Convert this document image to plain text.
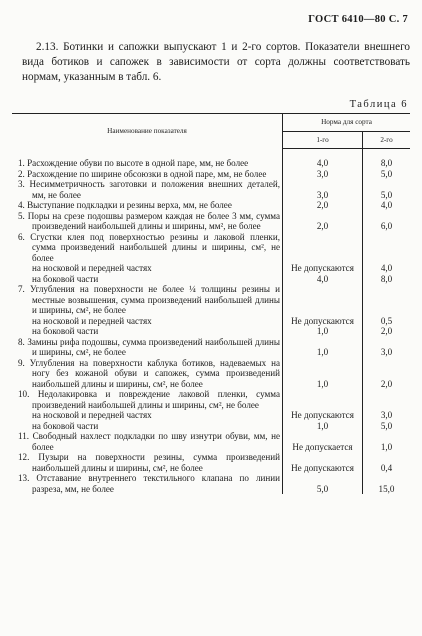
ГОСТ 6410—80 С. 7
2.13. Ботинки и сапожки выпускают 1 и 2-го сортов. Показатели внешнего вида ботиков и сапожек в зависимости от сорта должны соответствовать нормам, указанным в табл. 6.
Таблица 6
Наименование показателя	Норма для сорта	
	1-го	2-го

1. Расхождение обуви по высоте в одной паре, мм, не более	4,0	8,0
2. Расхождение по ширине обсоюзки в одной паре, мм, не более	3,0	5,0
3. Несимметричность заготовки и положения внешних деталей, мм, не более	3,0	5,0
4. Выступание подкладки и резины верха, мм, не более	2,0	4,0
5. Поры на срезе подошвы размером каждая не более 3 мм, сумма произведений наибольшей длины и ширины, мм², не более	2,0	6,0
6. Сгустки клея под поверхностью резины и лаковой пленки, сумма произведений наибольшей длины и ширины, см², не более		
на носковой и передней частях	Не допускаются	4,0
на боковой части	4,0	8,0
7. Углубления на поверхности не более ¼ толщины резины и местные возвышения, сумма произведений наибольшей длины и ширины, см², не более		
на носковой и передней частях	Не допускаются	0,5
на боковой части	1,0	2,0
8. Замины рифа подошвы, сумма произведений наибольшей длины и ширины, см², не более	1,0	3,0
9. Углубления на поверхности каблука ботиков, надеваемых на ногу без кожаной обуви и сапожек, сумма произведений наибольшей длины и ширины, см², не более	1,0	2,0
10. Недолакировка и повреждение лаковой пленки, сумма произведений наибольшей длины и ширины, см², не более		
на носковой и передней частях	Не допускаются	3,0
на боковой части	1,0	5,0
11. Свободный нахлест подкладки по шву изнутри обуви, мм, не более	Не допускается	1,0
12. Пузыри на поверхности резины, сумма произведений наибольшей длины и ширины, см², не более	Не допускаются	0,4
13. Отставание внутреннего текстильного клапана по линии разреза, мм, не более	5,0	15,0
